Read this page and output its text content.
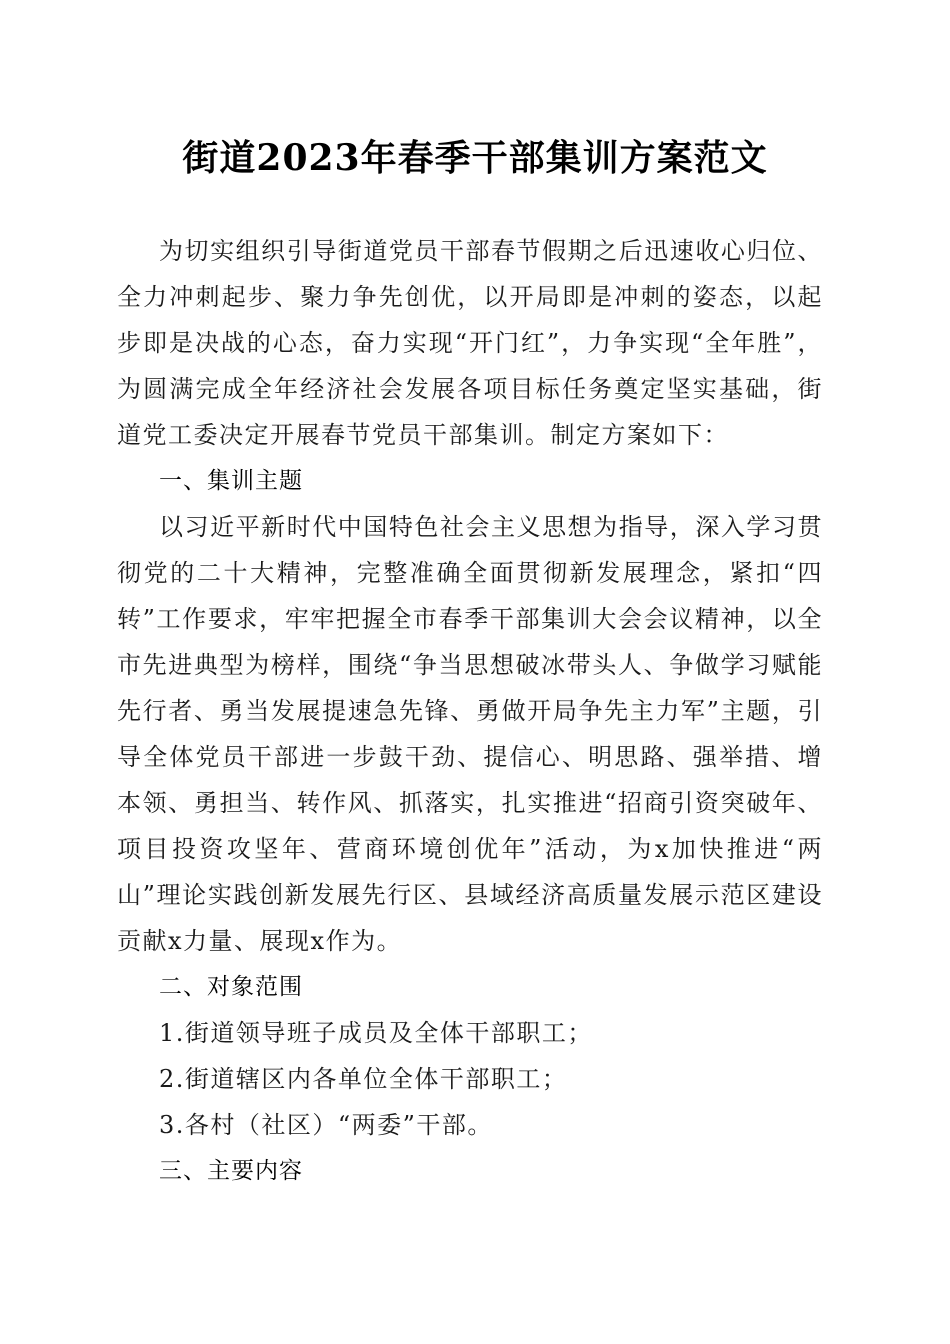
街道2023年春季干部集训方案范文

为切实组织引导街道党员干部春节假期之后迅速收心归位、全力冲刺起步、聚力争先创优，以开局即是冲刺的姿态，以起步即是决战的心态，奋力实现“开门红”，力争实现“全年胜”，为圆满完成全年经济社会发展各项目标任务奠定坚实基础，街道党工委决定开展春节党员干部集训。制定方案如下：

一、集训主题

以习近平新时代中国特色社会主义思想为指导，深入学习贯彻党的二十大精神，完整准确全面贯彻新发展理念，紧扣“四转”工作要求，牢牢把握全市春季干部集训大会会议精神，以全市先进典型为榜样，围绕“争当思想破冰带头人、争做学习赋能先行者、勇当发展提速急先锋、勇做开局争先主力军”主题，引导全体党员干部进一步鼓干劲、提信心、明思路、强举措、增本领、勇担当、转作风、抓落实，扎实推进“招商引资突破年、项目投资攻坚年、营商环境创优年”活动，为x加快推进“两山”理论实践创新发展先行区、县域经济高质量发展示范区建设贡献x力量、展现x作为。

二、对象范围

1.街道领导班子成员及全体干部职工；

2.街道辖区内各单位全体干部职工；

3.各村（社区）“两委”干部。

三、主要内容
